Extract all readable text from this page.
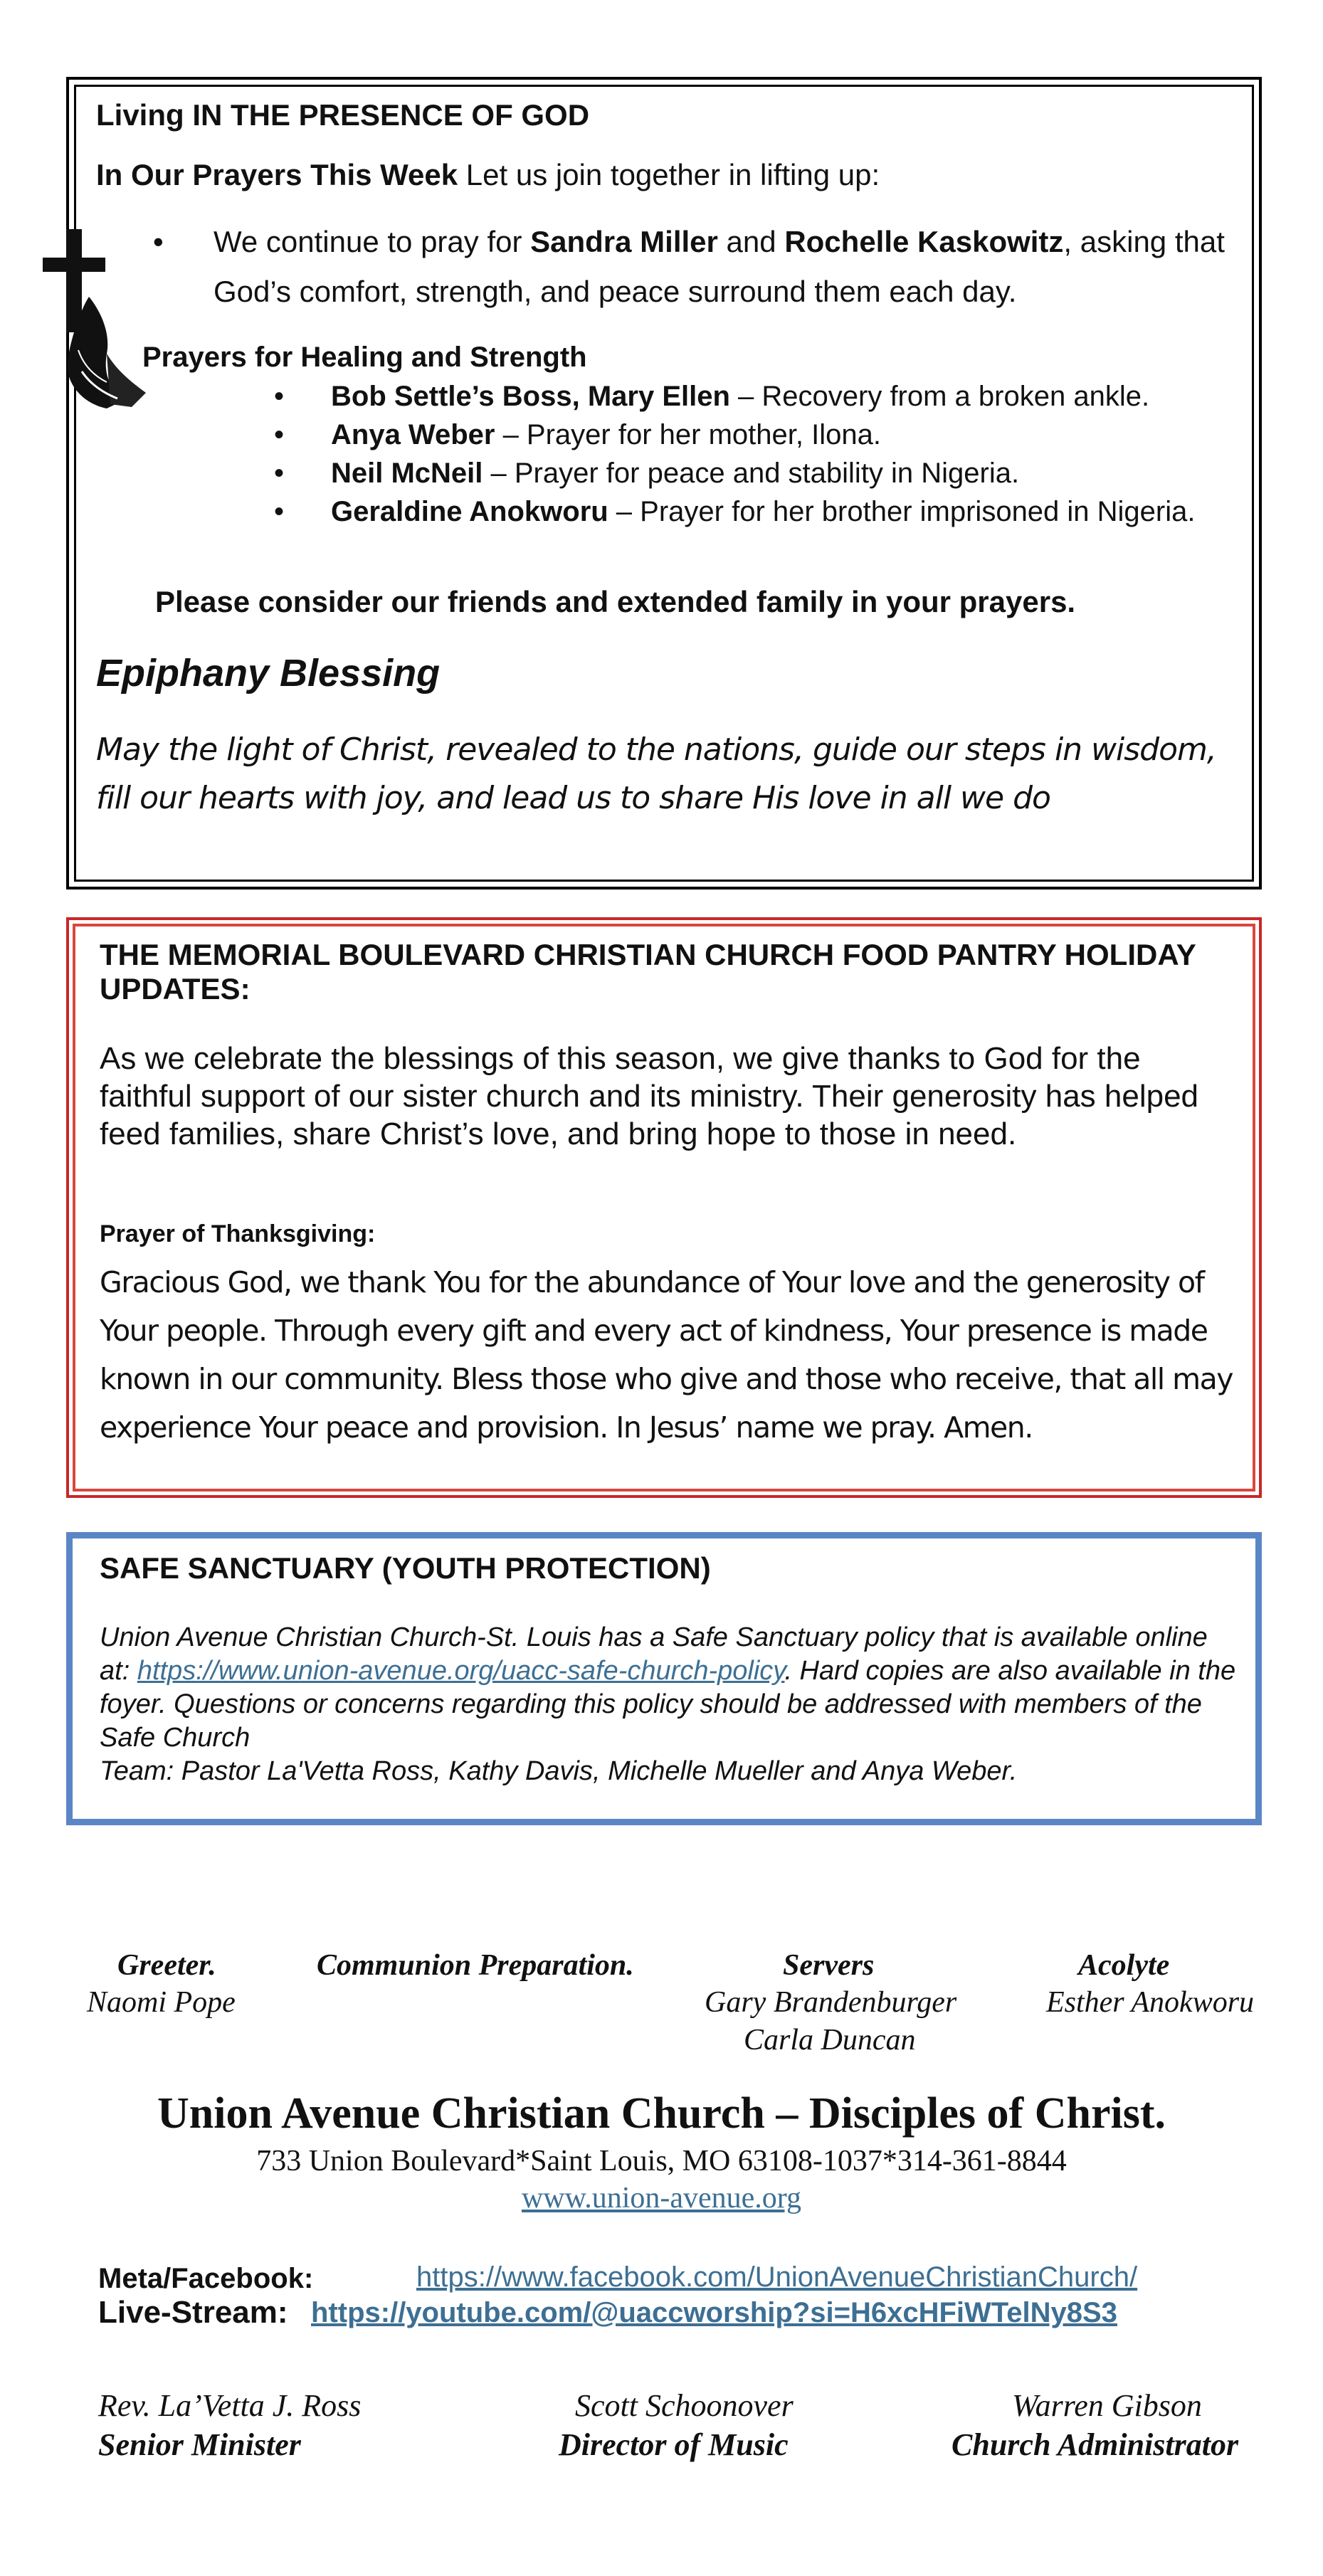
Living IN THE PRESENCE OF GOD
In Our Prayers This Week Let us join together in lifting up:
• We continue to pray for Sandra Miller and Rochelle Kaskowitz, asking that God’s comfort, strength, and peace surround them each day.
Prayers for Healing and Strength
• Bob Settle’s Boss, Mary Ellen – Recovery from a broken ankle.
• Anya Weber – Prayer for her mother, Ilona.
• Neil McNeil – Prayer for peace and stability in Nigeria.
• Geraldine Anokworu – Prayer for her brother imprisoned in Nigeria.
Please consider our friends and extended family in your prayers.
Epiphany Blessing
May the light of Christ, revealed to the nations, guide our steps in wisdom, fill our hearts with joy, and lead us to share His love in all we do
THE MEMORIAL BOULEVARD CHRISTIAN CHURCH FOOD PANTRY HOLIDAY UPDATES:
As we celebrate the blessings of this season, we give thanks to God for the faithful support of our sister church and its ministry. Their generosity has helped feed families, share Christ’s love, and bring hope to those in need.
Prayer of Thanksgiving:
Gracious God, we thank You for the abundance of Your love and the generosity of Your people. Through every gift and every act of kindness, Your presence is made known in our community. Bless those who give and those who receive, that all may experience Your peace and provision. In Jesus’ name we pray. Amen.
SAFE SANCTUARY (YOUTH PROTECTION)
Union Avenue Christian Church-St. Louis has a Safe Sanctuary policy that is available online at: https://www.union-avenue.org/uacc-safe-church-policy. Hard copies are also available in the foyer. Questions or concerns regarding this policy should be addressed with members of the Safe Church
Team: Pastor La'Vetta Ross, Kathy Davis, Michelle Mueller and Anya Weber.
Greeter.
Naomi Pope
Communion Preparation.	Servers
Gary Brandenburger
Carla Duncan
Acolyte
Esther Anokworu
Union Avenue Christian Church – Disciples of Christ.
733 Union Boulevard*Saint Louis, MO 63108-1037*314-361-8844
www.union-avenue.org
Meta/Facebook:	https://www.facebook.com/UnionAvenueChristianChurch/
Live-Stream: https://youtube.com/@uaccworship?si=H6xcHFiWTelNy8S3
Rev. La’Vetta J. Ross
Senior Minister
Scott Schoonover
Director of Music
Warren Gibson
Church Administrator
